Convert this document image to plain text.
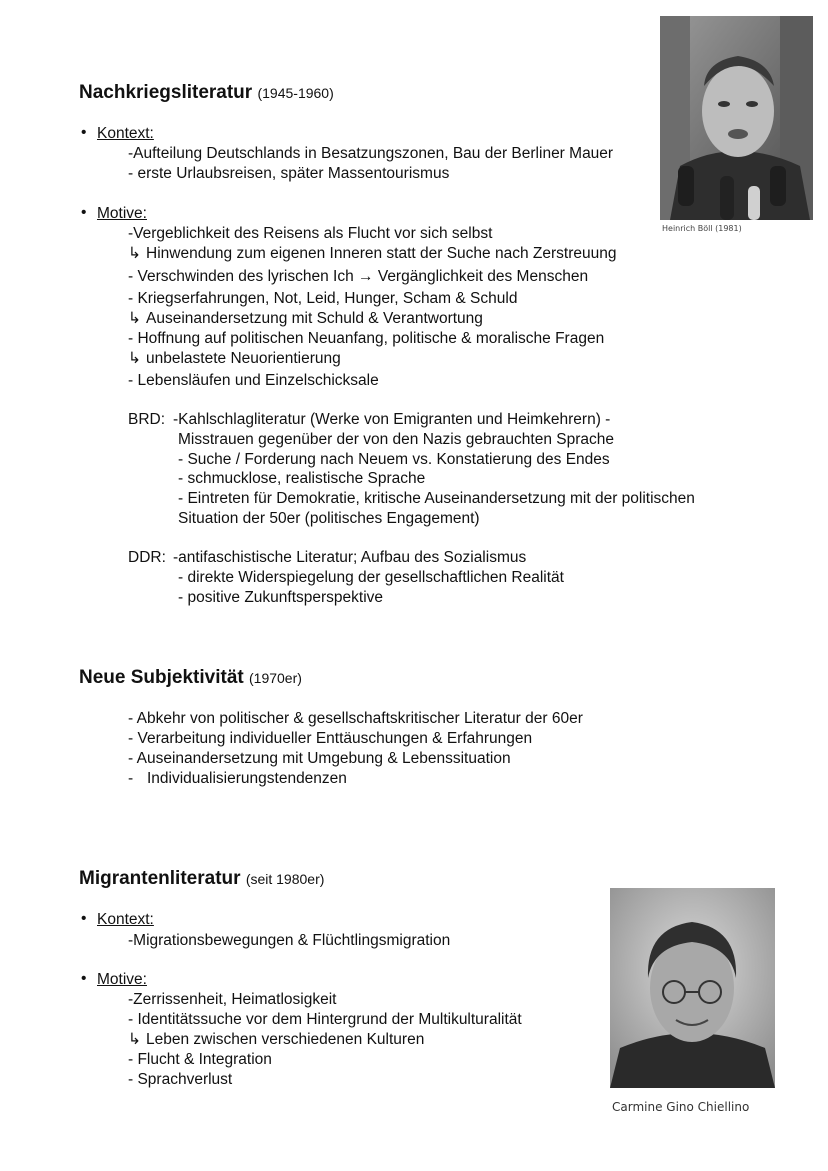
Heinrich Böll (1981)
Nachkriegsliteratur (1945-1960)
• Kontext:
-Aufteilung Deutschlands in Besatzungszonen, Bau der Berliner Mauer
- erste Urlaubsreisen, später Massentourismus
• Motive:
-Vergeblichkeit des Reisens als Flucht vor sich selbst
↳ Hinwendung zum eigenen Inneren statt der Suche nach Zerstreuung
- Verschwinden des lyrischen Ich → Vergänglichkeit des Menschen
- Kriegserfahrungen, Not, Leid, Hunger, Scham & Schuld
↳ Auseinandersetzung mit Schuld & Verantwortung
- Hoffnung auf politischen Neuanfang, politische & moralische Fragen
↳ unbelastete Neuorientierung
- Lebensläufen und Einzelschicksale
BRD: -Kahlschlagliteratur (Werke von Emigranten und Heimkehrern) -
Misstrauen gegenüber der von den Nazis gebrauchten Sprache
- Suche / Forderung nach Neuem vs. Konstatierung des Endes
- schmucklose, realistische Sprache
- Eintreten für Demokratie, kritische Auseinandersetzung mit der politischen
Situation der 50er (politisches Engagement)
DDR: -antifaschistische Literatur; Aufbau des Sozialismus
- direkte Widerspiegelung der gesellschaftlichen Realität
- positive Zukunftsperspektive
Neue Subjektivität (1970er)
- Abkehr von politischer & gesellschaftskritischer Literatur der 60er
- Verarbeitung individueller Enttäuschungen & Erfahrungen
- Auseinandersetzung mit Umgebung & Lebenssituation
- Individualisierungstendenzen
Carmine Gino Chiellino
Migrantenliteratur (seit 1980er)
• Kontext:
-Migrationsbewegungen & Flüchtlingsmigration
• Motive:
-Zerrissenheit, Heimatlosigkeit
- Identitätssuche vor dem Hintergrund der Multikulturalität
↳ Leben zwischen verschiedenen Kulturen
- Flucht & Integration
- Sprachverlust
